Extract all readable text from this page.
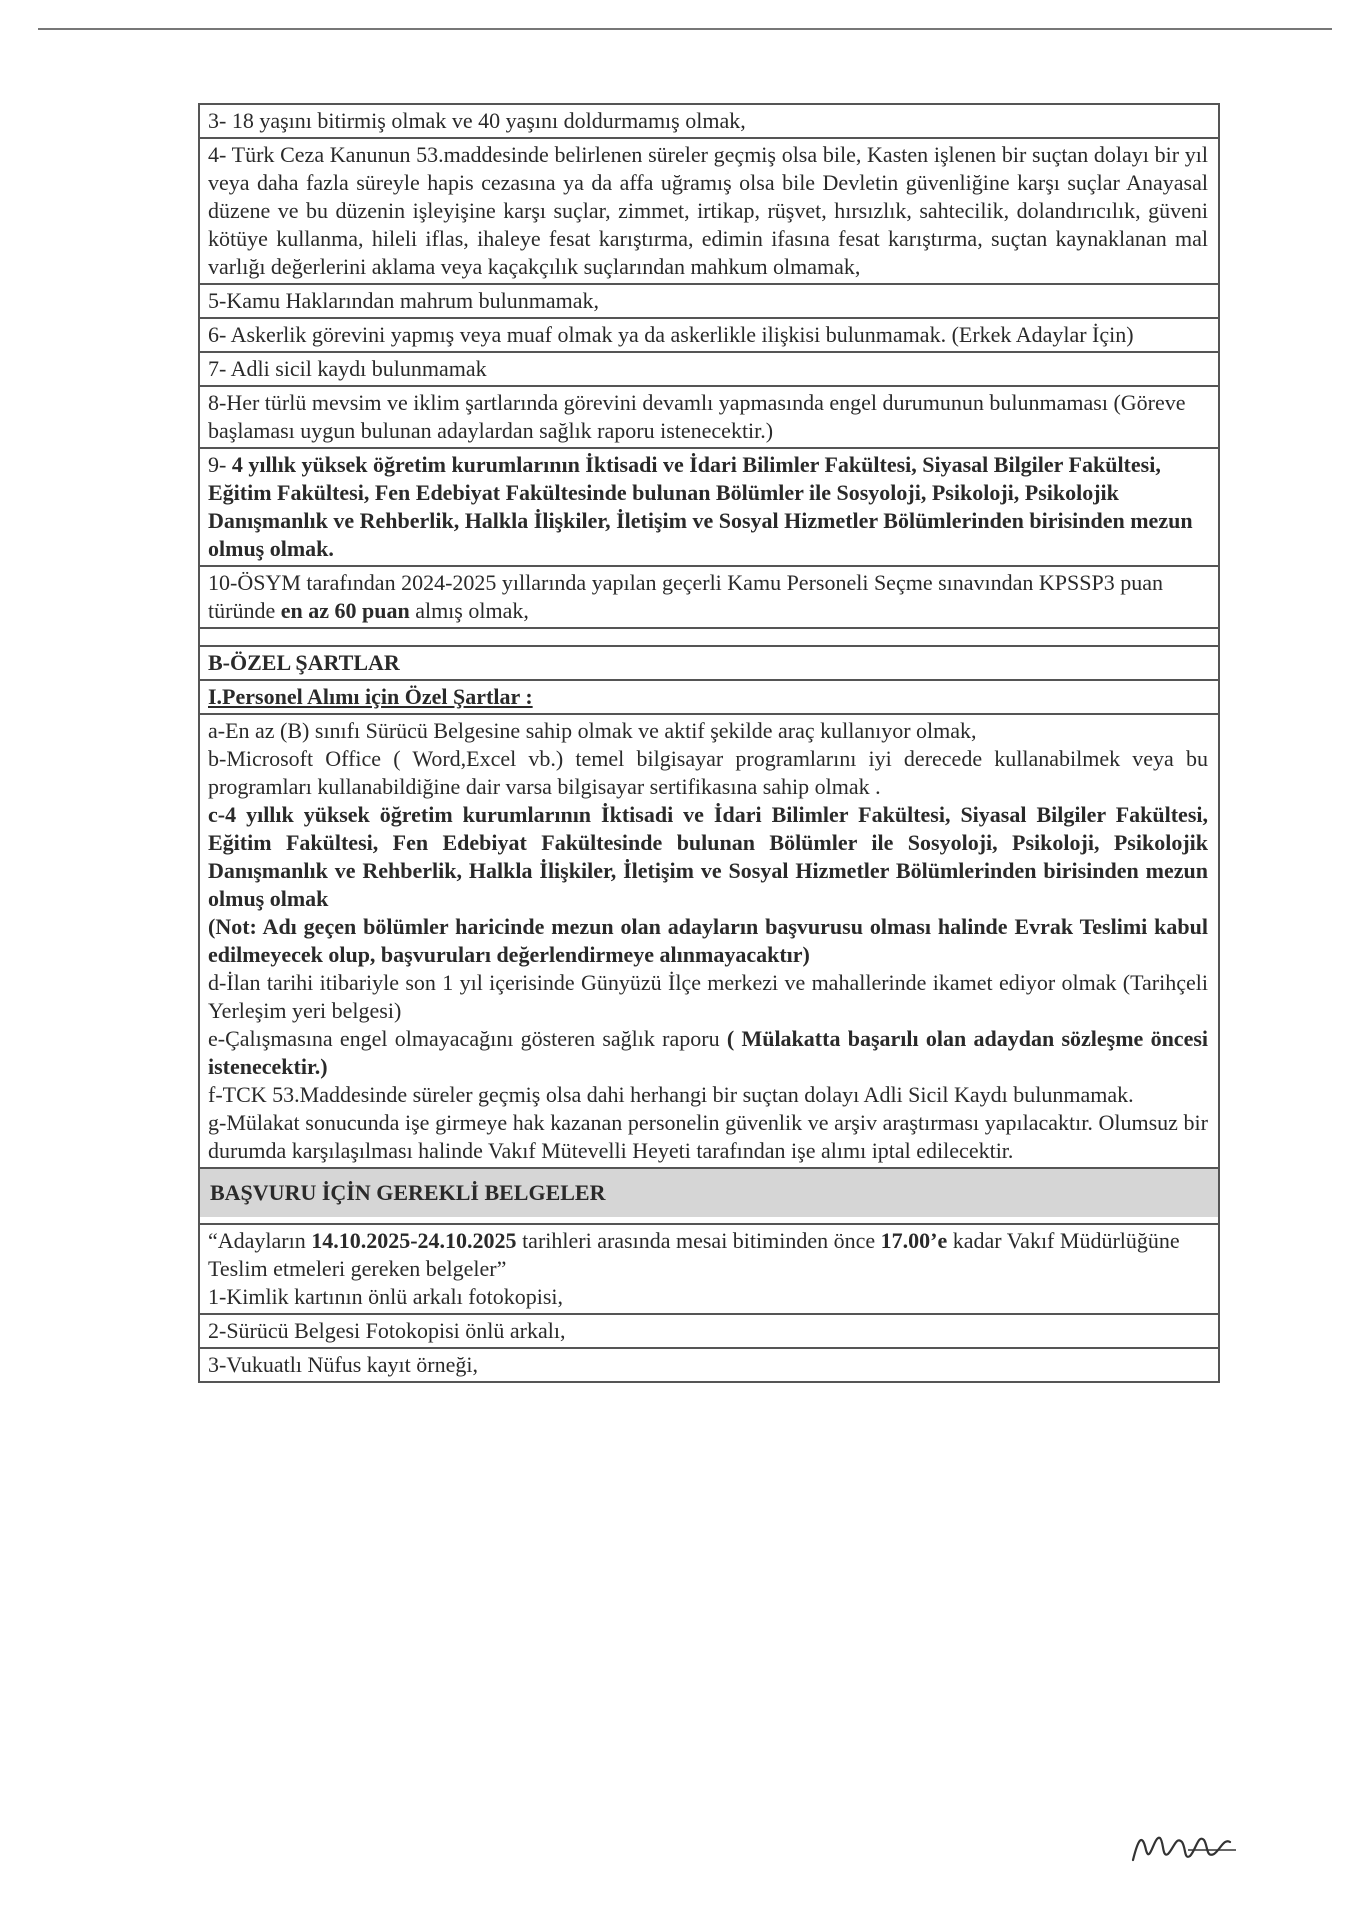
3- 18 yaşını bitirmiş olmak ve 40 yaşını doldurmamış olmak,
4- Türk Ceza Kanunun 53.maddesinde belirlenen süreler geçmiş olsa bile, Kasten işlenen bir suçtan dolayı bir yıl veya daha fazla süreyle hapis cezasına ya da affa uğramış olsa bile Devletin güvenliğine karşı suçlar Anayasal düzene ve bu düzenin işleyişine karşı suçlar, zimmet, irtikap, rüşvet, hırsızlık, sahtecilik, dolandırıcılık, güveni kötüye kullanma, hileli iflas, ihaleye fesat karıştırma, edimin ifasına fesat karıştırma, suçtan kaynaklanan mal varlığı değerlerini aklama veya kaçakçılık suçlarından mahkum olmamak,
5-Kamu Haklarından mahrum bulunmamak,
6- Askerlik görevini yapmış veya muaf olmak ya da askerlikle ilişkisi bulunmamak. (Erkek Adaylar İçin)
7- Adli sicil kaydı bulunmamak
8-Her türlü mevsim ve iklim şartlarında görevini devamlı yapmasında engel durumunun bulunmaması (Göreve başlaması uygun bulunan adaylardan sağlık raporu istenecektir.)
9- 4 yıllık yüksek öğretim kurumlarının İktisadi ve İdari Bilimler Fakültesi, Siyasal Bilgiler Fakültesi, Eğitim Fakültesi, Fen Edebiyat Fakültesinde bulunan Bölümler ile Sosyoloji, Psikoloji, Psikolojik Danışmanlık ve Rehberlik, Halkla İlişkiler, İletişim ve Sosyal Hizmetler Bölümlerinden birisinden mezun olmuş olmak.
10-ÖSYM tarafından 2024-2025 yıllarında yapılan geçerli Kamu Personeli Seçme sınavından KPSSP3 puan türünde en az 60 puan almış olmak,
B-ÖZEL ŞARTLAR
I.Personel Alımı için Özel Şartlar :

a-En az (B) sınıfı Sürücü Belgesine sahip olmak ve aktif şekilde araç kullanıyor olmak,

b-Microsoft Office ( Word,Excel vb.) temel bilgisayar programlarını iyi derecede kullanabilmek veya bu programları kullanabildiğine dair varsa bilgisayar sertifikasına sahip olmak .

c-4 yıllık yüksek öğretim kurumlarının İktisadi ve İdari Bilimler Fakültesi, Siyasal Bilgiler Fakültesi, Eğitim Fakültesi, Fen Edebiyat Fakültesinde bulunan Bölümler ile Sosyoloji, Psikoloji, Psikolojik Danışmanlık ve Rehberlik, Halkla İlişkiler, İletişim ve Sosyal Hizmetler Bölümlerinden birisinden mezun olmuş olmak

(Not: Adı geçen bölümler haricinde mezun olan adayların başvurusu olması halinde Evrak Teslimi kabul edilmeyecek olup, başvuruları değerlendirmeye alınmayacaktır)

d-İlan tarihi itibariyle son 1 yıl içerisinde Günyüzü İlçe merkezi ve mahallerinde ikamet ediyor olmak (Tarihçeli Yerleşim yeri belgesi)

e-Çalışmasına engel olmayacağını gösteren sağlık raporu ( Mülakatta başarılı olan adaydan sözleşme öncesi istenecektir.)

f-TCK 53.Maddesinde süreler geçmiş olsa dahi herhangi bir suçtan dolayı Adli Sicil Kaydı bulunmamak.

g-Mülakat sonucunda işe girmeye hak kazanan personelin güvenlik ve arşiv araştırması yapılacaktır. Olumsuz bir durumda karşılaşılması halinde Vakıf Mütevelli Heyeti tarafından işe alımı iptal edilecektir.

BAŞVURU İÇİN GEREKLİ BELGELER
“Adayların 14.10.2025-24.10.2025 tarihleri arasında mesai bitiminden önce 17.00’e kadar Vakıf Müdürlüğüne Teslim etmeleri gereken belgeler”
1-Kimlik kartının önlü arkalı fotokopisi,
2-Sürücü Belgesi Fotokopisi önlü arkalı,
3-Vukuatlı Nüfus kayıt örneği,
